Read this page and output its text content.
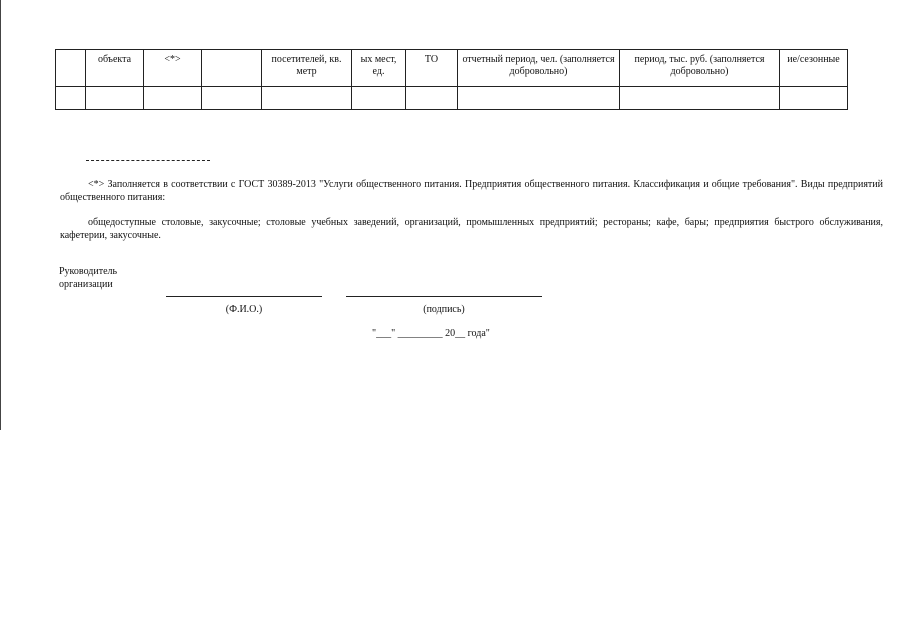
	объекта	<*>		посетителей, кв. метр	ых мест, ед.	ТО	отчетный период, чел. (заполняется добровольно)	период, тыс. руб. (заполняется добровольно)	ие/сезонные

<*> Заполняется в соответствии с ГОСТ 30389-2013 "Услуги общественного питания. Предприятия общественного питания. Классификация и общие требования". Виды предприятий общественного питания:
общедоступные столовые, закусочные; столовые учебных заведений, организаций, промышленных предприятий; рестораны; кафе, бары; предприятия быстрого обслуживания, кафетерии, закусочные.
Руководитель
организации
(Ф.И.О.)	(подпись)
"___" _________ 20__ года"
